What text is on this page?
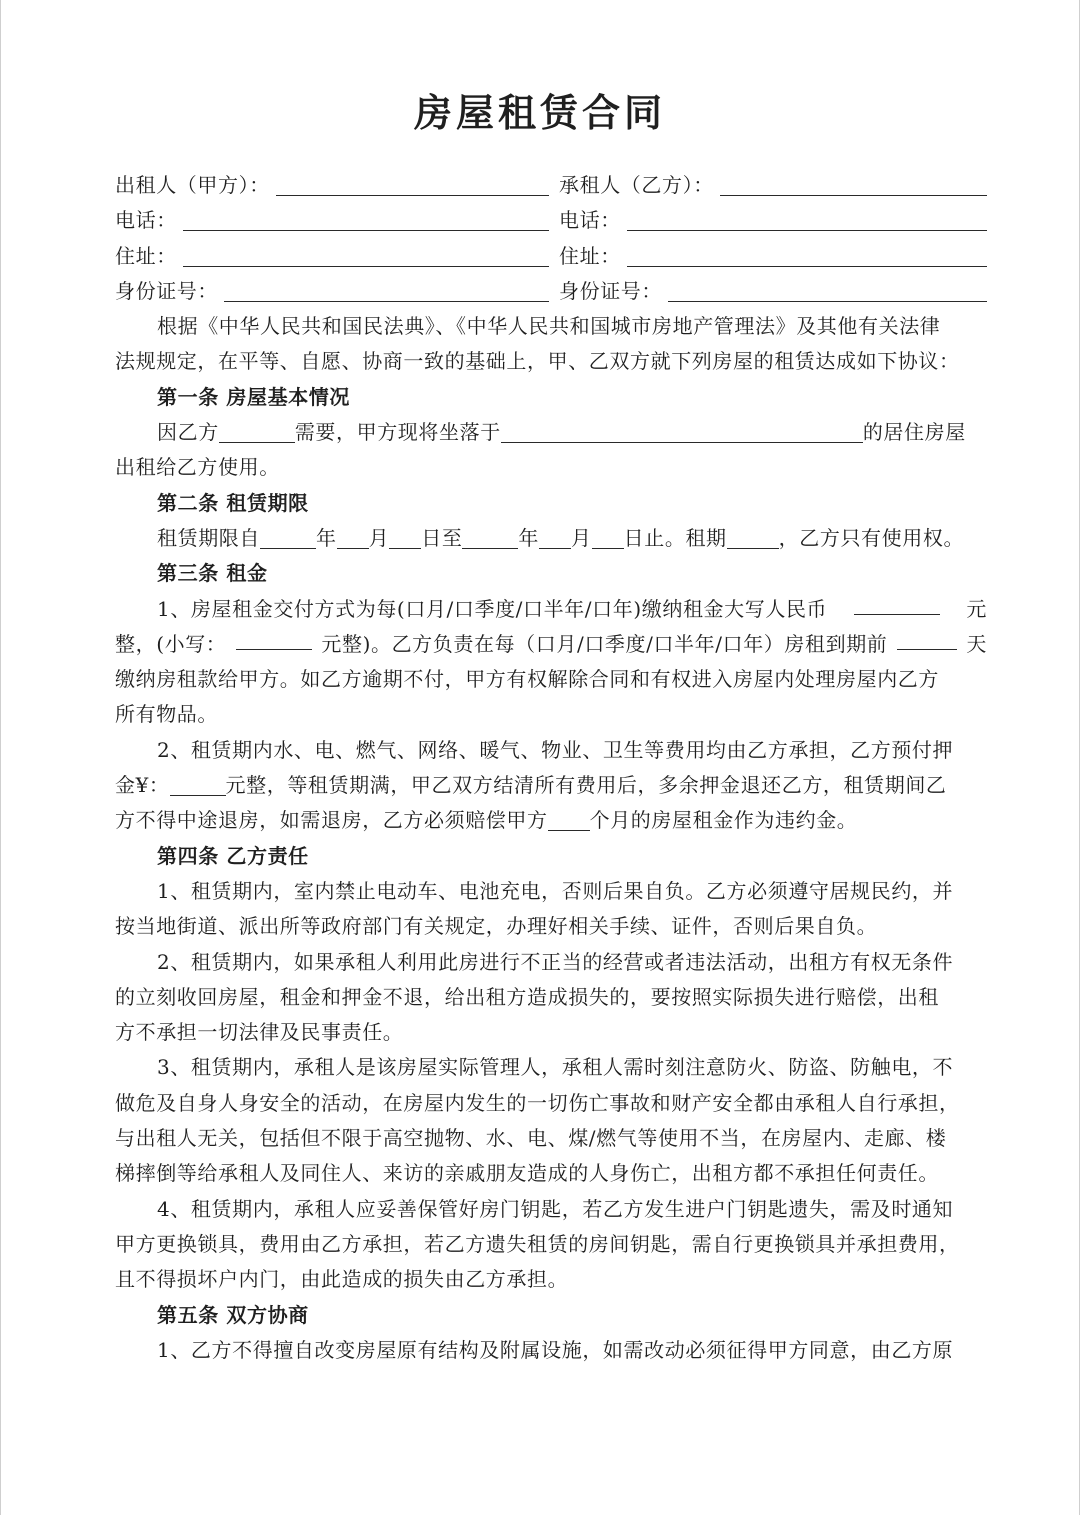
房屋租赁合同
出租人（甲方）：	承租人（乙方）：
电话：	电话：
住址：	住址：
身份证号：	身份证号：
根据《中华人民共和国民法典》、《中华人民共和国城市房地产管理法》及其他有关法律
法规规定，在平等、自愿、协商一致的基础上，甲、乙双方就下列房屋的租赁达成如下协议：
第一条 房屋基本情况
因乙方	需要，甲方现将坐落于	的居住房屋
出租给乙方使用。
第二条 租赁期限
租赁期限自	年 月 日至	年 月 日止。租期	，乙方只有使用权。
第三条 租金
1、房屋租金交付方式为每(口月/口季度/口半年/口年)缴纳租金大写人民币	元
整，(小写：	元整)。乙方负责在每（口月/口季度/口半年/口年）房租到期前	天
缴纳房租款给甲方。如乙方逾期不付，甲方有权解除合同和有权进入房屋内处理房屋内乙方
所有物品。
2、租赁期内水、电、燃气、网络、暖气、物业、卫生等费用均由乙方承担，乙方预付押
金¥：	元整，等租赁期满，甲乙双方结清所有费用后，多余押金退还乙方，租赁期间乙
方不得中途退房，如需退房，乙方必须赔偿甲方 个月的房屋租金作为违约金。
第四条 乙方责任
1、租赁期内，室内禁止电动车、电池充电，否则后果自负。乙方必须遵守居规民约，并
按当地街道、派出所等政府部门有关规定，办理好相关手续、证件，否则后果自负。
2、租赁期内，如果承租人利用此房进行不正当的经营或者违法活动，出租方有权无条件
的立刻收回房屋，租金和押金不退，给出租方造成损失的，要按照实际损失进行赔偿，出租
方不承担一切法律及民事责任。
3、租赁期内，承租人是该房屋实际管理人，承租人需时刻注意防火、防盗、防触电，不
做危及自身人身安全的活动，在房屋内发生的一切伤亡事故和财产安全都由承租人自行承担，
与出租人无关，包括但不限于高空抛物、水、电、煤/燃气等使用不当，在房屋内、走廊、楼
梯摔倒等给承租人及同住人、来访的亲戚朋友造成的人身伤亡，出租方都不承担任何责任。
4、租赁期内，承租人应妥善保管好房门钥匙，若乙方发生进户门钥匙遗失，需及时通知
甲方更换锁具，费用由乙方承担，若乙方遗失租赁的房间钥匙，需自行更换锁具并承担费用，
且不得损坏户内门，由此造成的损失由乙方承担。
第五条 双方协商
1、乙方不得擅自改变房屋原有结构及附属设施，如需改动必须征得甲方同意，由乙方原
